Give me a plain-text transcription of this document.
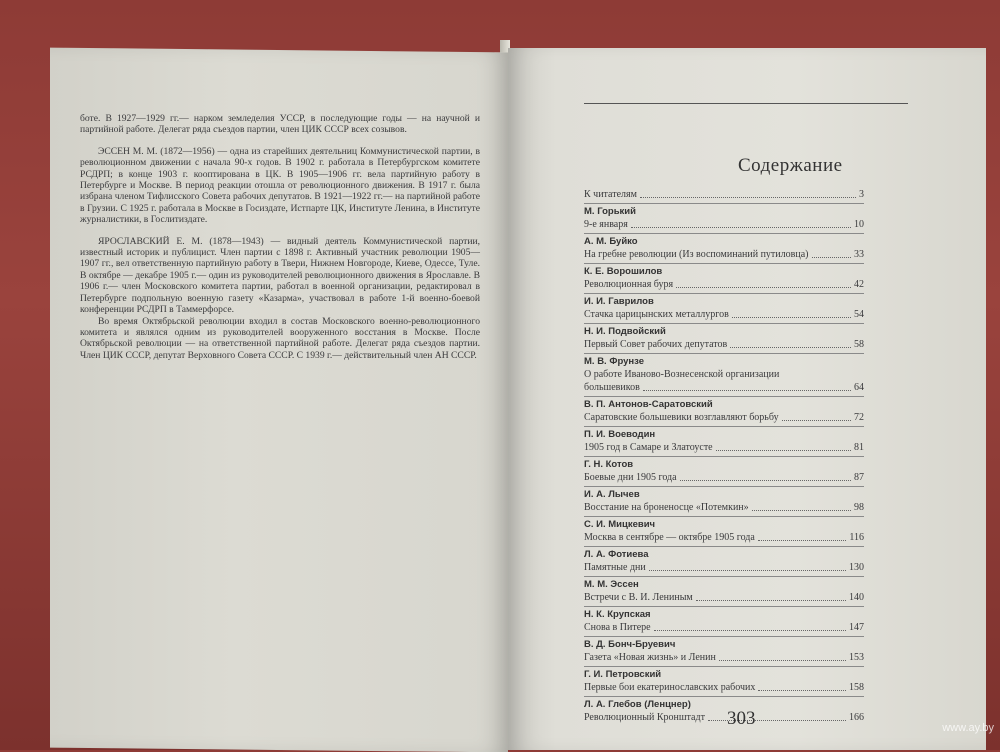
боте. В 1927—1929 гг.— нарком земледелия УССР, в последующие годы — на научной и партийной работе. Делегат ряда съездов партии, член ЦИК СССР всех созывов.

ЭССЕН М. М. (1872—1956) — одна из старейших деятельниц Коммунистической партии, в революционном движении с начала 90-х годов. В 1902 г. работала в Петербургском комитете РСДРП; в конце 1903 г. кооптирована в ЦК. В 1905—1906 гг. вела партийную работу в Петербурге и Москве. В период реакции отошла от революционного движения. В 1917 г. была избрана членом Тифлисского Совета рабочих депутатов. В 1921—1922 гг.— на партийной работе в Грузии. С 1925 г. работала в Москве в Госиздате, Истпарте ЦК, Институте Ленина, в Институте журналистики, в Гослитиздате.

ЯРОСЛАВСКИЙ Е. М. (1878—1943) — видный деятель Коммунистической партии, известный историк и публицист. Член партии с 1898 г. Активный участник революции 1905—1907 гг., вел ответственную партийную работу в Твери, Нижнем Новгороде, Киеве, Одессе, Туле. В октябре — декабре 1905 г.— один из руководителей революционного движения в Ярославле. В 1906 г.— член Московского комитета партии, работал в военной организации, редактировал в Петербурге подпольную военную газету «Казарма», участвовал в работе 1-й военно-боевой конференции РСДРП в Таммерфорсе.

Во время Октябрьской революции входил в состав Московского военно-революционного комитета и являлся одним из руководителей вооруженного восстания в Москве. После Октябрьской революции — на ответственной партийной работе. Делегат ряда съездов партии. Член ЦИК СССР, депутат Верховного Совета СССР. С 1939 г.— действительный член АН СССР.

Содержание
К читателям	3
М. Горький
9-е января	10
А. М. Буйко
На гребне революции (Из воспоминаний путиловца)	33
К. Е. Ворошилов
Революционная буря	42
И. И. Гаврилов
Стачка царицынских металлургов	54
Н. И. Подвойский
Первый Совет рабочих депутатов	58
М. В. Фрунзе
О работе Иваново-Вознесенской организации
большевиков	64
В. П. Антонов-Саратовский
Саратовские большевики возглавляют борьбу	72
П. И. Воеводин
1905 год в Самаре и Златоусте	81
Г. Н. Котов
Боевые дни 1905 года	87
И. А. Лычев
Восстание на броненосце «Потемкин»	98
С. И. Мицкевич
Москва в сентябре — октябре 1905 года	116
Л. А. Фотиева
Памятные дни	130
М. М. Эссен
Встречи с В. И. Лениным	140
Н. К. Крупская
Снова в Питере	147
В. Д. Бонч-Бруевич
Газета «Новая жизнь» и Ленин	153
Г. И. Петровский
Первые бои екатеринославских рабочих	158
Л. А. Глебов (Ленцнер)
Революционный Кронштадт	166
303	www.ay.by
